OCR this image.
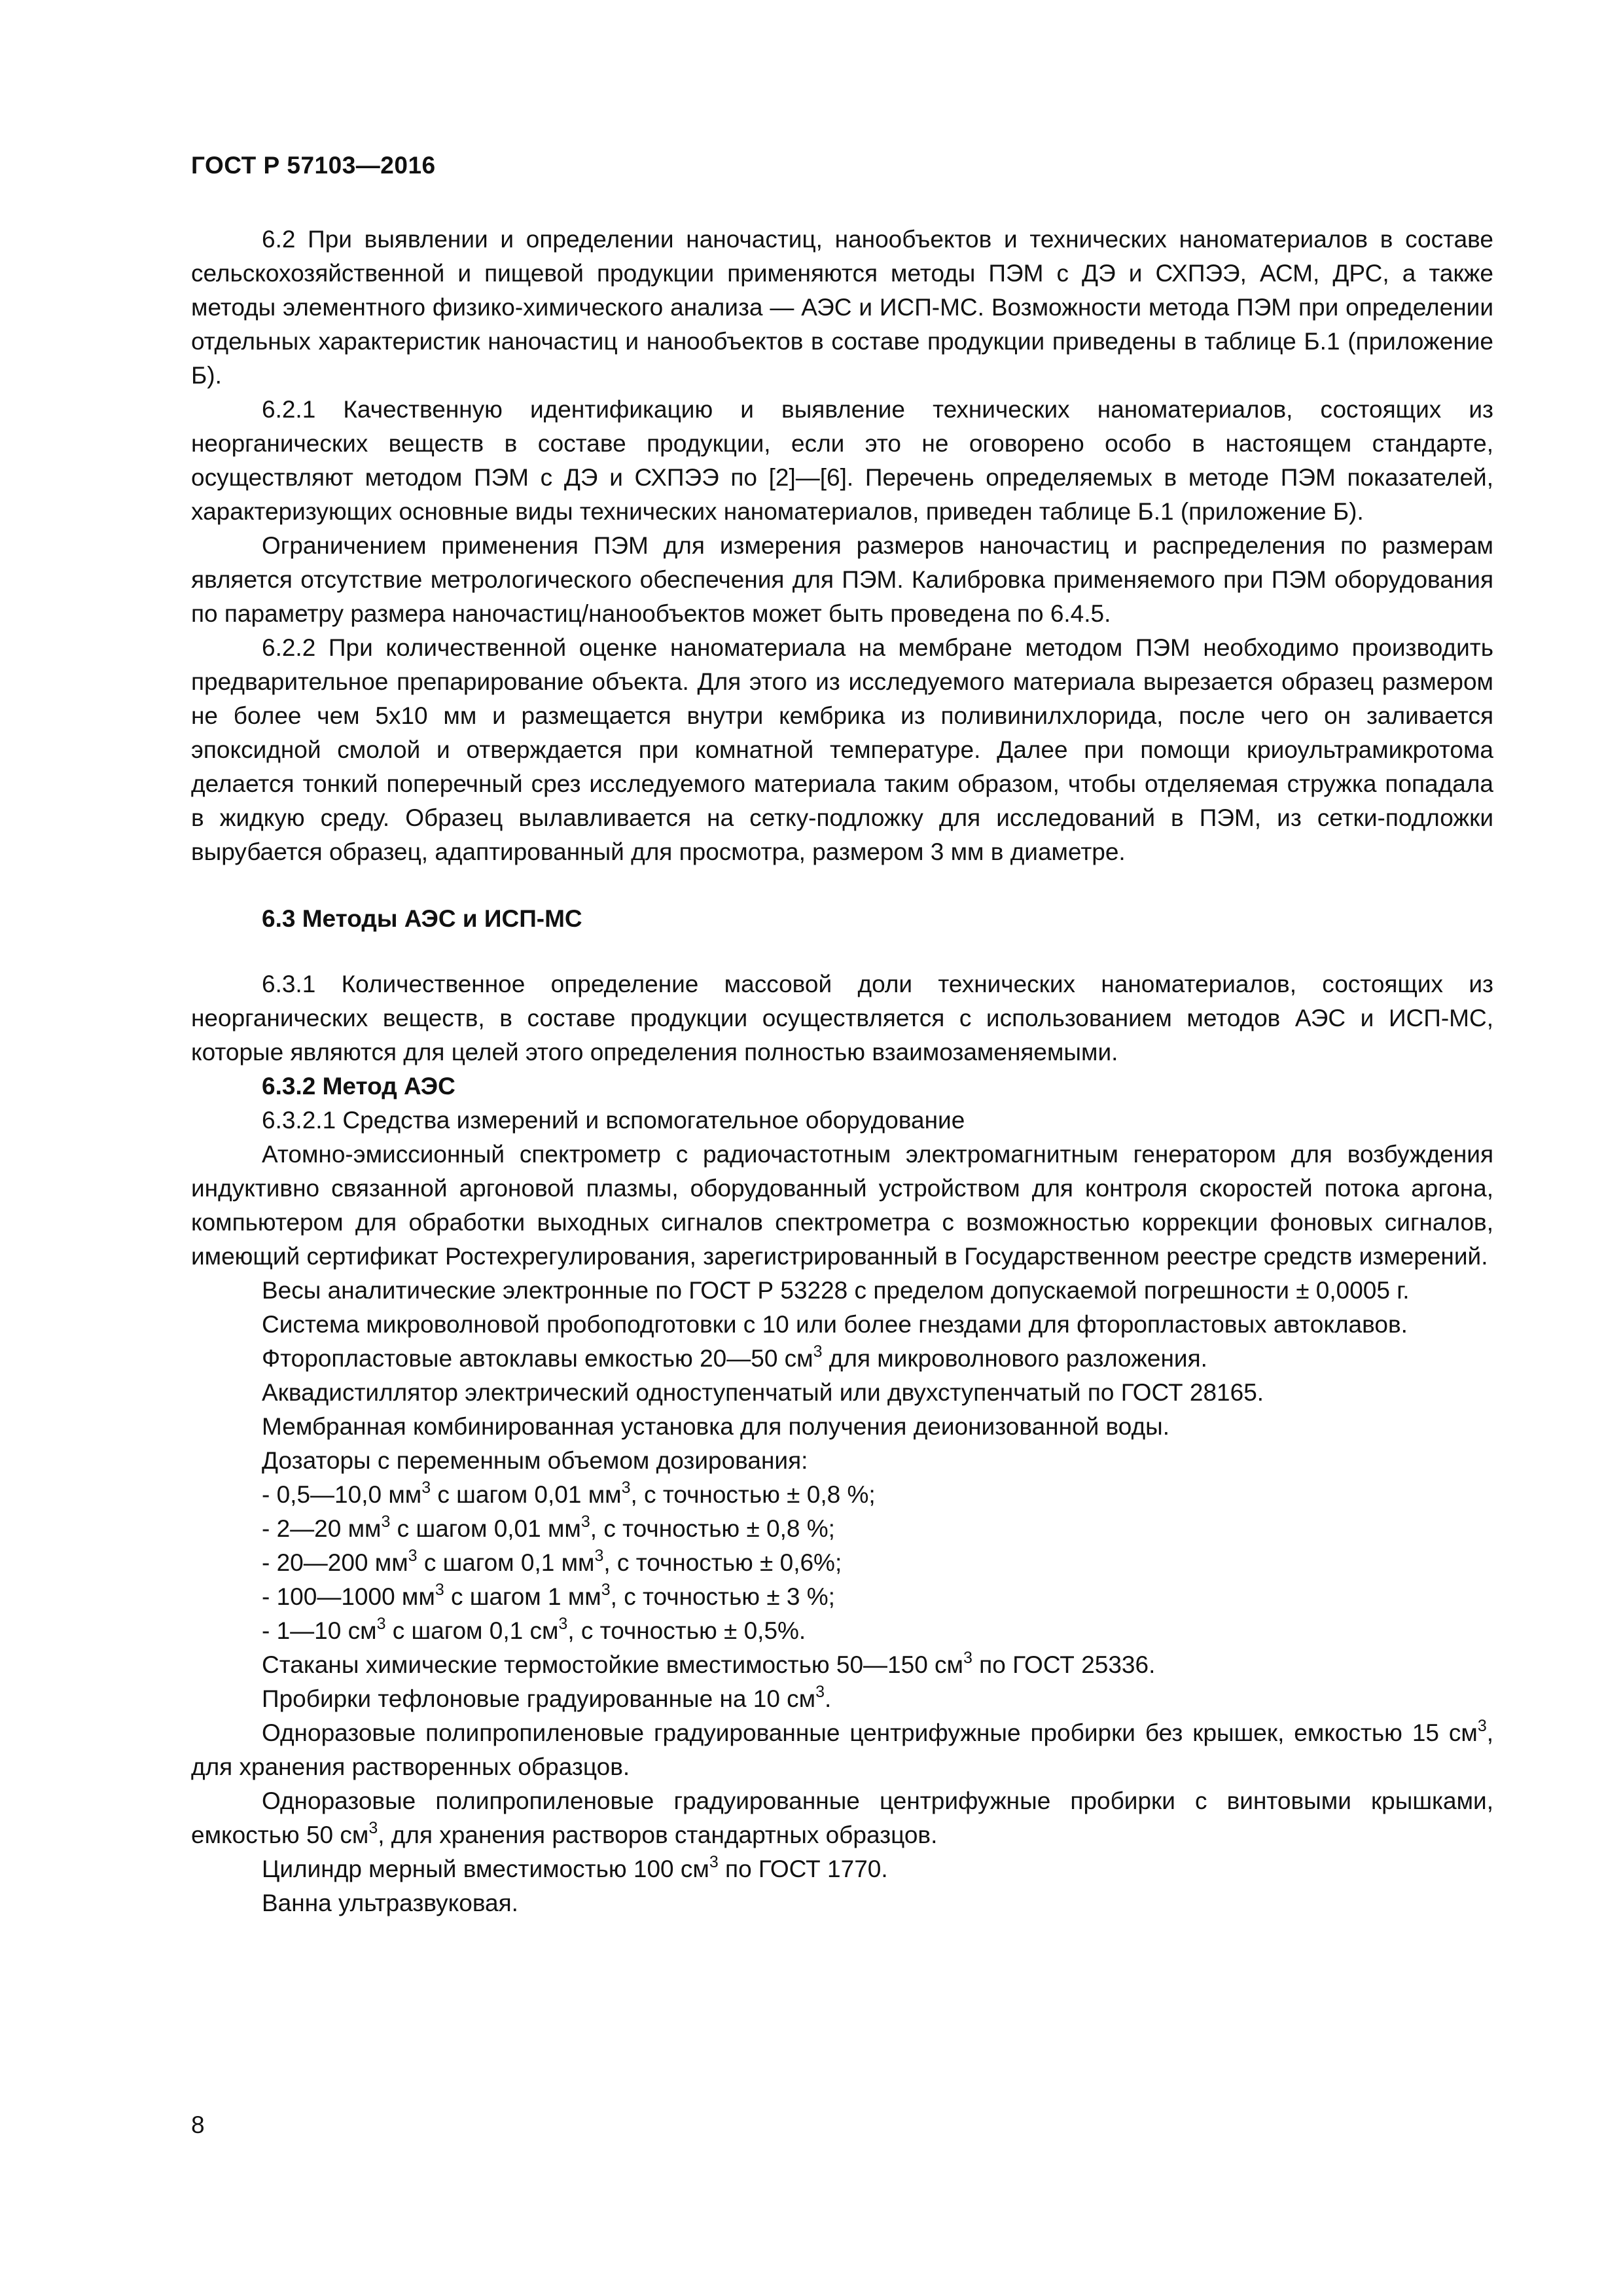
ГОСТ Р 57103—2016

6.2 При выявлении и определении наночастиц, нанообъектов и технических наноматериалов в составе сельскохозяйственной и пищевой продукции применяются методы ПЭМ с ДЭ и СХПЭЭ, АСМ, ДРС, а также методы элементного физико-химического анализа — АЭС и ИСП-МС. Возможности метода ПЭМ при определении отдельных характеристик наночастиц и нанообъектов в составе продукции приведены в таблице Б.1 (приложение Б).

6.2.1 Качественную идентификацию и выявление технических наноматериалов, состоящих из неорганических веществ в составе продукции, если это не оговорено особо в настоящем стандарте, осуществляют методом ПЭМ с ДЭ и СХПЭЭ по [2]—[6]. Перечень определяемых в методе ПЭМ показателей, характеризующих основные виды технических наноматериалов, приведен таблице Б.1 (приложение Б).

Ограничением применения ПЭМ для измерения размеров наночастиц и распределения по размерам является отсутствие метрологического обеспечения для ПЭМ. Калибровка применяемого при ПЭМ оборудования по параметру размера наночастиц/нанообъектов может быть проведена по 6.4.5.

6.2.2 При количественной оценке наноматериала на мембране методом ПЭМ необходимо производить предварительное препарирование объекта. Для этого из исследуемого материала вырезается образец размером не более чем 5х10 мм и размещается внутри кембрика из поливинилхлорида, после чего он заливается эпоксидной смолой и отверждается при комнатной температуре. Далее при помощи криоультрамикротома делается тонкий поперечный срез исследуемого материала таким образом, чтобы отделяемая стружка попадала в жидкую среду. Образец вылавливается на сетку-подложку для исследований в ПЭМ, из сетки-подложки вырубается образец, адаптированный для просмотра, размером 3 мм в диаметре.

6.3 Методы АЭС и ИСП-МС

6.3.1 Количественное определение массовой доли технических наноматериалов, состоящих из неорганических веществ, в составе продукции осуществляется с использованием методов АЭС и ИСП-МС, которые являются для целей этого определения полностью взаимозаменяемыми.

6.3.2 Метод АЭС

6.3.2.1 Средства измерений и вспомогательное оборудование

Атомно-эмиссионный спектрометр с радиочастотным электромагнитным генератором для возбуждения индуктивно связанной аргоновой плазмы, оборудованный устройством для контроля скоростей потока аргона, компьютером для обработки выходных сигналов спектрометра с возможностью коррекции фоновых сигналов, имеющий сертификат Ростехрегулирования, зарегистрированный в Государственном реестре средств измерений.

Весы аналитические электронные по ГОСТ Р 53228 с пределом допускаемой погрешности ± 0,0005 г.

Система микроволновой пробоподготовки с 10 или более гнездами для фторопластовых автоклавов.

Фторопластовые автоклавы емкостью 20—50 $см^3$ для микроволнового разложения.

Аквадистиллятор электрический одноступенчатый или двухступенчатый по ГОСТ 28165.

Мембранная комбинированная установка для получения деионизованной воды.

Дозаторы с переменным объемом дозирования:

- 0,5—10,0 $мм^3$ с шагом 0,01 $мм^3$, с точностью ± 0,8 %;

- 2—20 $мм^3$ с шагом 0,01 $мм^3$, с точностью ± 0,8 %;

- 20—200 $мм^3$ с шагом 0,1 $мм^3$, с точностью ± 0,6%;

- 100—1000 $мм^3$ с шагом 1 $мм^3$, с точностью ± 3 %;

- 1—10 $см^3$ с шагом 0,1 $см^3$, с точностью ± 0,5%.

Стаканы химические термостойкие вместимостью 50—150 $см^3$ по ГОСТ 25336.

Пробирки тефлоновые градуированные на 10 $см^3$.

Одноразовые полипропиленовые градуированные центрифужные пробирки без крышек, емкостью 15 $см^3$, для хранения растворенных образцов.

Одноразовые полипропиленовые градуированные центрифужные пробирки с винтовыми крышками, емкостью 50 $см^3$, для хранения растворов стандартных образцов.

Цилиндр мерный вместимостью 100 $см^3$ по ГОСТ 1770.

Ванна ультразвуковая.

8
